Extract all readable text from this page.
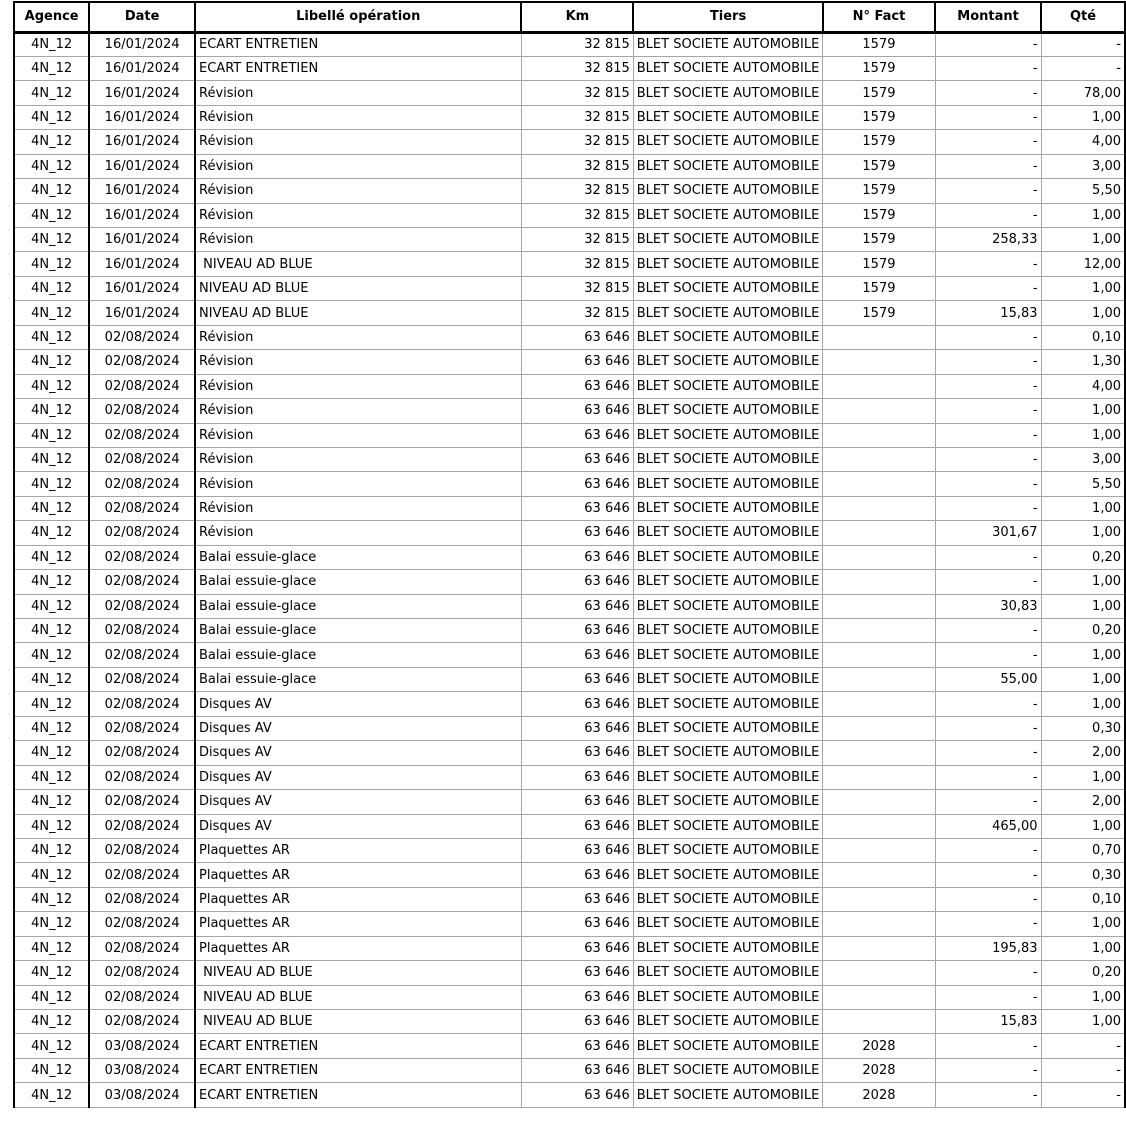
Agence	Date	Libellé opération	Km	Tiers	N° Fact	Montant	Qté
4N_12	16/01/2024	ECART ENTRETIEN	32 815	BLET SOCIETE AUTOMOBILE	1579	-	-
4N_12	16/01/2024	ECART ENTRETIEN	32 815	BLET SOCIETE AUTOMOBILE	1579	-	-
4N_12	16/01/2024	Révision	32 815	BLET SOCIETE AUTOMOBILE	1579	-	78,00
4N_12	16/01/2024	Révision	32 815	BLET SOCIETE AUTOMOBILE	1579	-	1,00
4N_12	16/01/2024	Révision	32 815	BLET SOCIETE AUTOMOBILE	1579	-	4,00
4N_12	16/01/2024	Révision	32 815	BLET SOCIETE AUTOMOBILE	1579	-	3,00
4N_12	16/01/2024	Révision	32 815	BLET SOCIETE AUTOMOBILE	1579	-	5,50
4N_12	16/01/2024	Révision	32 815	BLET SOCIETE AUTOMOBILE	1579	-	1,00
4N_12	16/01/2024	Révision	32 815	BLET SOCIETE AUTOMOBILE	1579	258,33	1,00
4N_12	16/01/2024	NIVEAU AD BLUE	32 815	BLET SOCIETE AUTOMOBILE	1579	-	12,00
4N_12	16/01/2024	NIVEAU AD BLUE	32 815	BLET SOCIETE AUTOMOBILE	1579	-	1,00
4N_12	16/01/2024	NIVEAU AD BLUE	32 815	BLET SOCIETE AUTOMOBILE	1579	15,83	1,00
4N_12	02/08/2024	Révision	63 646	BLET SOCIETE AUTOMOBILE		-	0,10
4N_12	02/08/2024	Révision	63 646	BLET SOCIETE AUTOMOBILE		-	1,30
4N_12	02/08/2024	Révision	63 646	BLET SOCIETE AUTOMOBILE		-	4,00
4N_12	02/08/2024	Révision	63 646	BLET SOCIETE AUTOMOBILE		-	1,00
4N_12	02/08/2024	Révision	63 646	BLET SOCIETE AUTOMOBILE		-	1,00
4N_12	02/08/2024	Révision	63 646	BLET SOCIETE AUTOMOBILE		-	3,00
4N_12	02/08/2024	Révision	63 646	BLET SOCIETE AUTOMOBILE		-	5,50
4N_12	02/08/2024	Révision	63 646	BLET SOCIETE AUTOMOBILE		-	1,00
4N_12	02/08/2024	Révision	63 646	BLET SOCIETE AUTOMOBILE		301,67	1,00
4N_12	02/08/2024	Balai essuie-glace	63 646	BLET SOCIETE AUTOMOBILE		-	0,20
4N_12	02/08/2024	Balai essuie-glace	63 646	BLET SOCIETE AUTOMOBILE		-	1,00
4N_12	02/08/2024	Balai essuie-glace	63 646	BLET SOCIETE AUTOMOBILE		30,83	1,00
4N_12	02/08/2024	Balai essuie-glace	63 646	BLET SOCIETE AUTOMOBILE		-	0,20
4N_12	02/08/2024	Balai essuie-glace	63 646	BLET SOCIETE AUTOMOBILE		-	1,00
4N_12	02/08/2024	Balai essuie-glace	63 646	BLET SOCIETE AUTOMOBILE		55,00	1,00
4N_12	02/08/2024	Disques AV	63 646	BLET SOCIETE AUTOMOBILE		-	1,00
4N_12	02/08/2024	Disques AV	63 646	BLET SOCIETE AUTOMOBILE		-	0,30
4N_12	02/08/2024	Disques AV	63 646	BLET SOCIETE AUTOMOBILE		-	2,00
4N_12	02/08/2024	Disques AV	63 646	BLET SOCIETE AUTOMOBILE		-	1,00
4N_12	02/08/2024	Disques AV	63 646	BLET SOCIETE AUTOMOBILE		-	2,00
4N_12	02/08/2024	Disques AV	63 646	BLET SOCIETE AUTOMOBILE		465,00	1,00
4N_12	02/08/2024	Plaquettes AR	63 646	BLET SOCIETE AUTOMOBILE		-	0,70
4N_12	02/08/2024	Plaquettes AR	63 646	BLET SOCIETE AUTOMOBILE		-	0,30
4N_12	02/08/2024	Plaquettes AR	63 646	BLET SOCIETE AUTOMOBILE		-	0,10
4N_12	02/08/2024	Plaquettes AR	63 646	BLET SOCIETE AUTOMOBILE		-	1,00
4N_12	02/08/2024	Plaquettes AR	63 646	BLET SOCIETE AUTOMOBILE		195,83	1,00
4N_12	02/08/2024	NIVEAU AD BLUE	63 646	BLET SOCIETE AUTOMOBILE		-	0,20
4N_12	02/08/2024	NIVEAU AD BLUE	63 646	BLET SOCIETE AUTOMOBILE		-	1,00
4N_12	02/08/2024	NIVEAU AD BLUE	63 646	BLET SOCIETE AUTOMOBILE		15,83	1,00
4N_12	03/08/2024	ECART ENTRETIEN	63 646	BLET SOCIETE AUTOMOBILE	2028	-	-
4N_12	03/08/2024	ECART ENTRETIEN	63 646	BLET SOCIETE AUTOMOBILE	2028	-	-
4N_12	03/08/2024	ECART ENTRETIEN	63 646	BLET SOCIETE AUTOMOBILE	2028	-	-
